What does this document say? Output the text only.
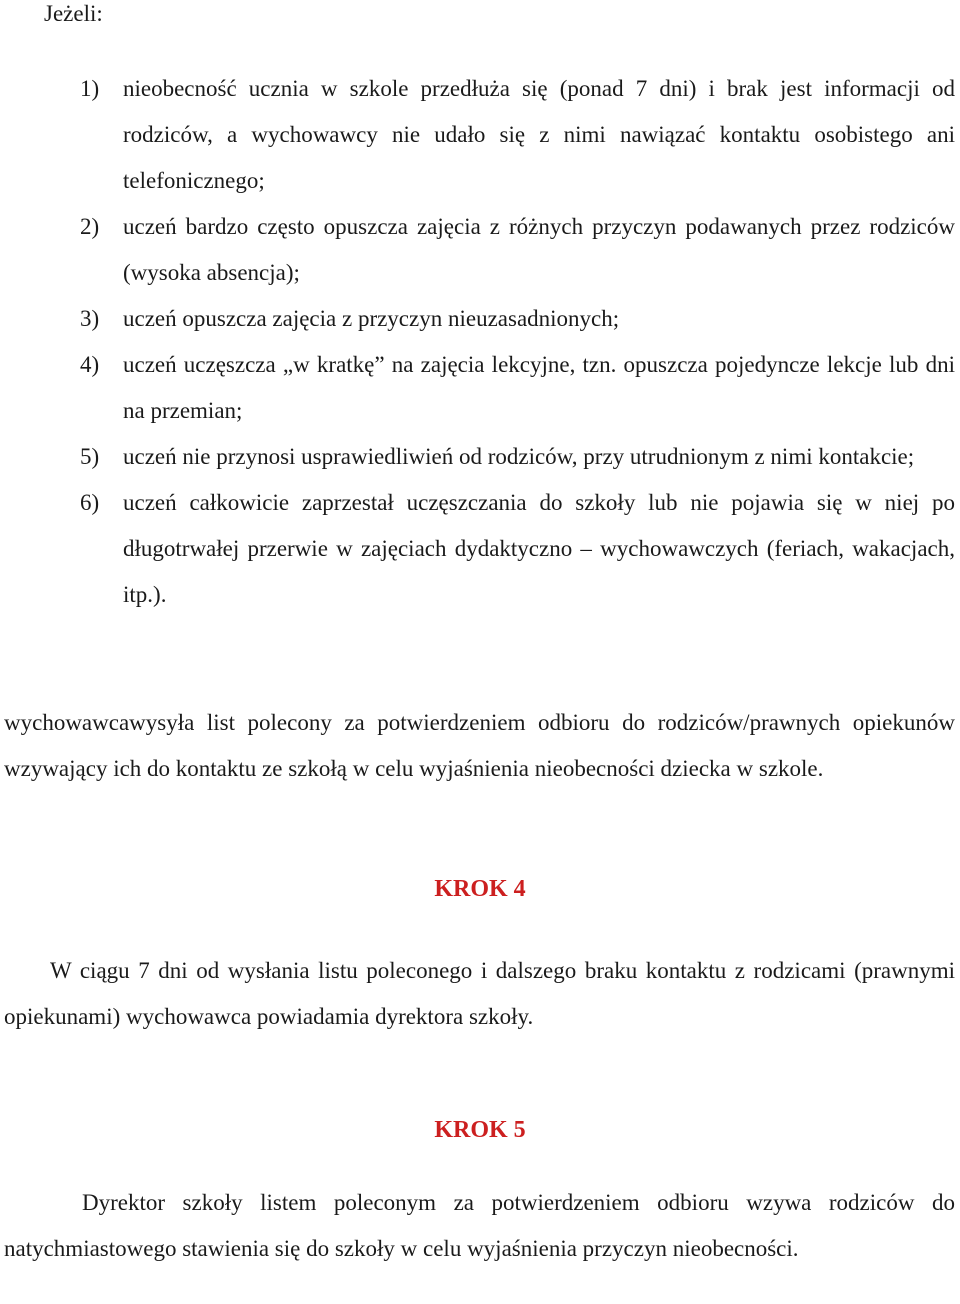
Jeżeli:
1) nieobecność ucznia w szkole przedłuża się (ponad 7 dni) i brak jest informacji od rodziców, a wychowawcy nie udało się z nimi nawiązać kontaktu osobistego ani telefonicznego;
2) uczeń bardzo często opuszcza zajęcia z różnych przyczyn podawanych przez rodziców (wysoka absencja);
3) uczeń opuszcza zajęcia z przyczyn nieuzasadnionych;
4) uczeń uczęszcza „w kratkę” na zajęcia lekcyjne, tzn. opuszcza pojedyncze lekcje lub dni na przemian;
5) uczeń nie przynosi usprawiedliwień od rodziców, przy utrudnionym z nimi kontakcie;
6) uczeń całkowicie zaprzestał uczęszczania do szkoły lub nie pojawia się w niej po długotrwałej przerwie w zajęciach dydaktyczno – wychowawczych (feriach, wakacjach, itp.).
wychowawcawysyła list polecony za potwierdzeniem odbioru do rodziców/prawnych opiekunów wzywający ich do kontaktu ze szkołą w celu wyjaśnienia nieobecności dziecka w szkole.
KROK 4
W ciągu 7 dni od wysłania listu poleconego i dalszego braku kontaktu z rodzicami (prawnymi opiekunami) wychowawca powiadamia dyrektora szkoły.
KROK 5
Dyrektor szkoły listem poleconym za potwierdzeniem odbioru wzywa rodziców do natychmiastowego stawienia się do szkoły w celu wyjaśnienia przyczyn nieobecności.
